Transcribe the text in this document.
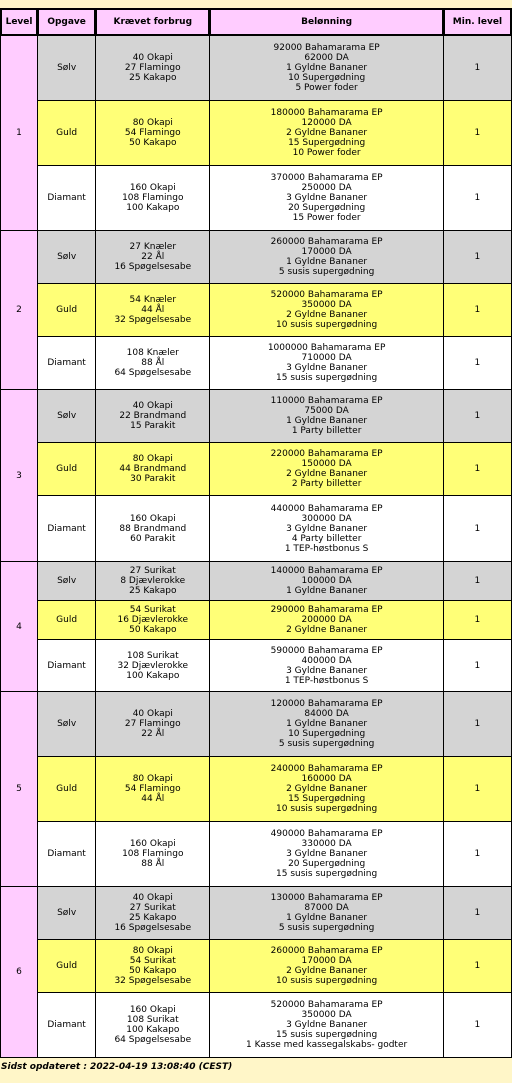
Level	Opgave	Krævet forbrug	Belønning	Min. level
1	Sølv	40 Okapi
27 Flamingo
25 Kakapo	92000 Bahamarama EP
62000 DA
1 Gyldne Bananer
10 Supergødning
5 Power foder	1
	Guld	80 Okapi
54 Flamingo
50 Kakapo	180000 Bahamarama EP
120000 DA
2 Gyldne Bananer
15 Supergødning
10 Power foder	1
	Diamant	160 Okapi
108 Flamingo
100 Kakapo	370000 Bahamarama EP
250000 DA
3 Gyldne Bananer
20 Supergødning
15 Power foder	1
2	Sølv	27 Knæler
22 Ål
16 Spøgelsesabe	260000 Bahamarama EP
170000 DA
1 Gyldne Bananer
5 susis supergødning	1
	Guld	54 Knæler
44 Ål
32 Spøgelsesabe	520000 Bahamarama EP
350000 DA
2 Gyldne Bananer
10 susis supergødning	1
	Diamant	108 Knæler
88 Ål
64 Spøgelsesabe	1000000 Bahamarama EP
710000 DA
3 Gyldne Bananer
15 susis supergødning	1
3	Sølv	40 Okapi
22 Brandmand
15 Parakit	110000 Bahamarama EP
75000 DA
1 Gyldne Bananer
1 Party billetter	1
	Guld	80 Okapi
44 Brandmand
30 Parakit	220000 Bahamarama EP
150000 DA
2 Gyldne Bananer
2 Party billetter	1
	Diamant	160 Okapi
88 Brandmand
60 Parakit	440000 Bahamarama EP
300000 DA
3 Gyldne Bananer
4 Party billetter
1 TEP-høstbonus S	1
4	Sølv	27 Surikat
8 Djævlerokke
25 Kakapo	140000 Bahamarama EP
100000 DA
1 Gyldne Bananer	1
	Guld	54 Surikat
16 Djævlerokke
50 Kakapo	290000 Bahamarama EP
200000 DA
2 Gyldne Bananer	1
	Diamant	108 Surikat
32 Djævlerokke
100 Kakapo	590000 Bahamarama EP
400000 DA
3 Gyldne Bananer
1 TEP-høstbonus S	1
5	Sølv	40 Okapi
27 Flamingo
22 Ål	120000 Bahamarama EP
84000 DA
1 Gyldne Bananer
10 Supergødning
5 susis supergødning	1
	Guld	80 Okapi
54 Flamingo
44 Ål	240000 Bahamarama EP
160000 DA
2 Gyldne Bananer
15 Supergødning
10 susis supergødning	1
	Diamant	160 Okapi
108 Flamingo
88 Ål	490000 Bahamarama EP
330000 DA
3 Gyldne Bananer
20 Supergødning
15 susis supergødning	1
6	Sølv	40 Okapi
27 Surikat
25 Kakapo
16 Spøgelsesabe	130000 Bahamarama EP
87000 DA
1 Gyldne Bananer
5 susis supergødning	1
	Guld	80 Okapi
54 Surikat
50 Kakapo
32 Spøgelsesabe	260000 Bahamarama EP
170000 DA
2 Gyldne Bananer
10 susis supergødning	1
	Diamant	160 Okapi
108 Surikat
100 Kakapo
64 Spøgelsesabe	520000 Bahamarama EP
350000 DA
3 Gyldne Bananer
15 susis supergødning
1 Kasse med kassegalskabs- godter	1
Sidst opdateret : 2022-04-19 13:08:40 (CEST)
